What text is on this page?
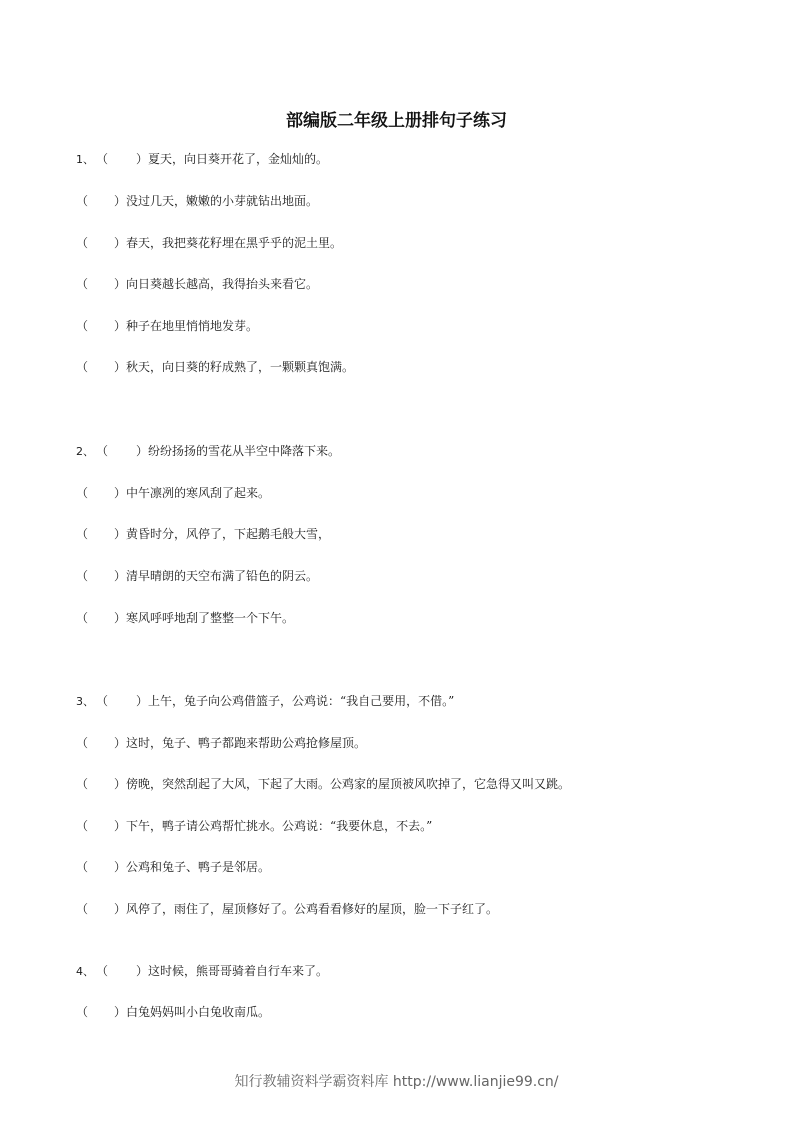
部编版二年级上册排句子练习
1、 （ ）夏天，向日葵开花了，金灿灿的。
（ ）没过几天，嫩嫩的小芽就钻出地面。
（ ）春天，我把葵花籽埋在黑乎乎的泥土里。
（ ）向日葵越长越高，我得抬头来看它。
（ ）种子在地里悄悄地发芽。
（ ）秋天，向日葵的籽成熟了，一颗颗真饱满。
2、 （ ）纷纷扬扬的雪花从半空中降落下来。
（ ）中午凛冽的寒风刮了起来。
（ ）黄昏时分，风停了，下起鹅毛般大雪，
（ ）清早晴朗的天空布满了铅色的阴云。
（ ）寒风呼呼地刮了整整一个下午。
3、 （ ）上午，兔子向公鸡借篮子，公鸡说：“我自己要用，不借。”
（ ）这时，兔子、鸭子都跑来帮助公鸡抢修屋顶。
（ ）傍晚，突然刮起了大风，下起了大雨。公鸡家的屋顶被风吹掉了，它急得又叫又跳。
（ ）下午，鸭子请公鸡帮忙挑水。公鸡说：“我要休息，不去。”
（ ）公鸡和兔子、鸭子是邻居。
（ ）风停了，雨住了，屋顶修好了。公鸡看看修好的屋顶，脸一下子红了。
4、 （ ）这时候，熊哥哥骑着自行车来了。
（ ）白兔妈妈叫小白兔收南瓜。
知行教辅资料学霸资料库 http://www.lianjie99.cn/
